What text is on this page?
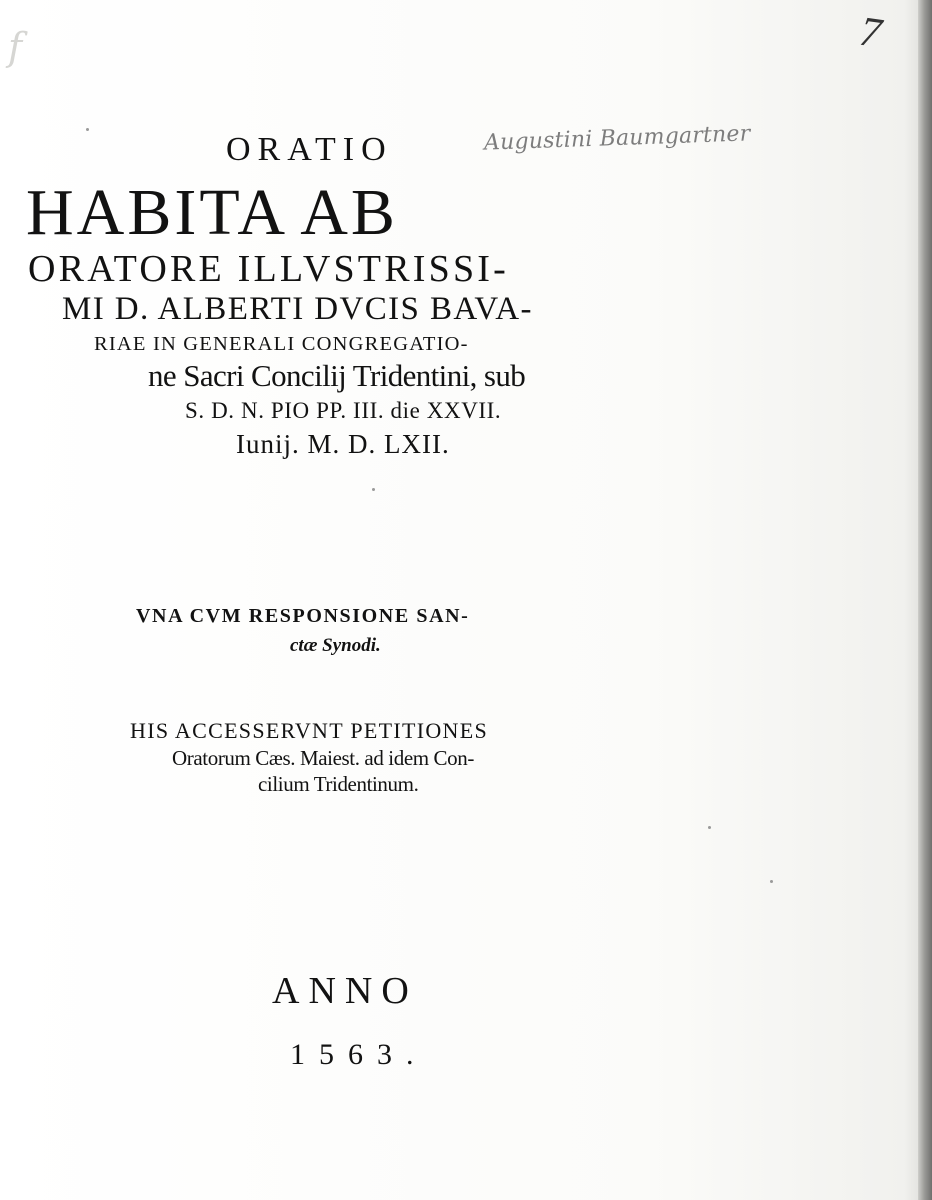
f	7
Augustini Baumgartner
ORATIO
HABITA AB
ORATORE ILLVSTRISSI-
MI D. ALBERTI DVCIS BAVA-
RIAE IN GENERALI CONGREGATIO-
ne Sacri Concilij Tridentini, sub
S. D. N. PIO PP. III. die XXVII.
Iunij. M. D. LXII.
VNA CVM RESPONSIONE SAN-
ctæ Synodi.
HIS ACCESSERVNT PETITIONES
Oratorum Cæs. Maiest. ad idem Con-
cilium Tridentinum.
ANNO
1563.
